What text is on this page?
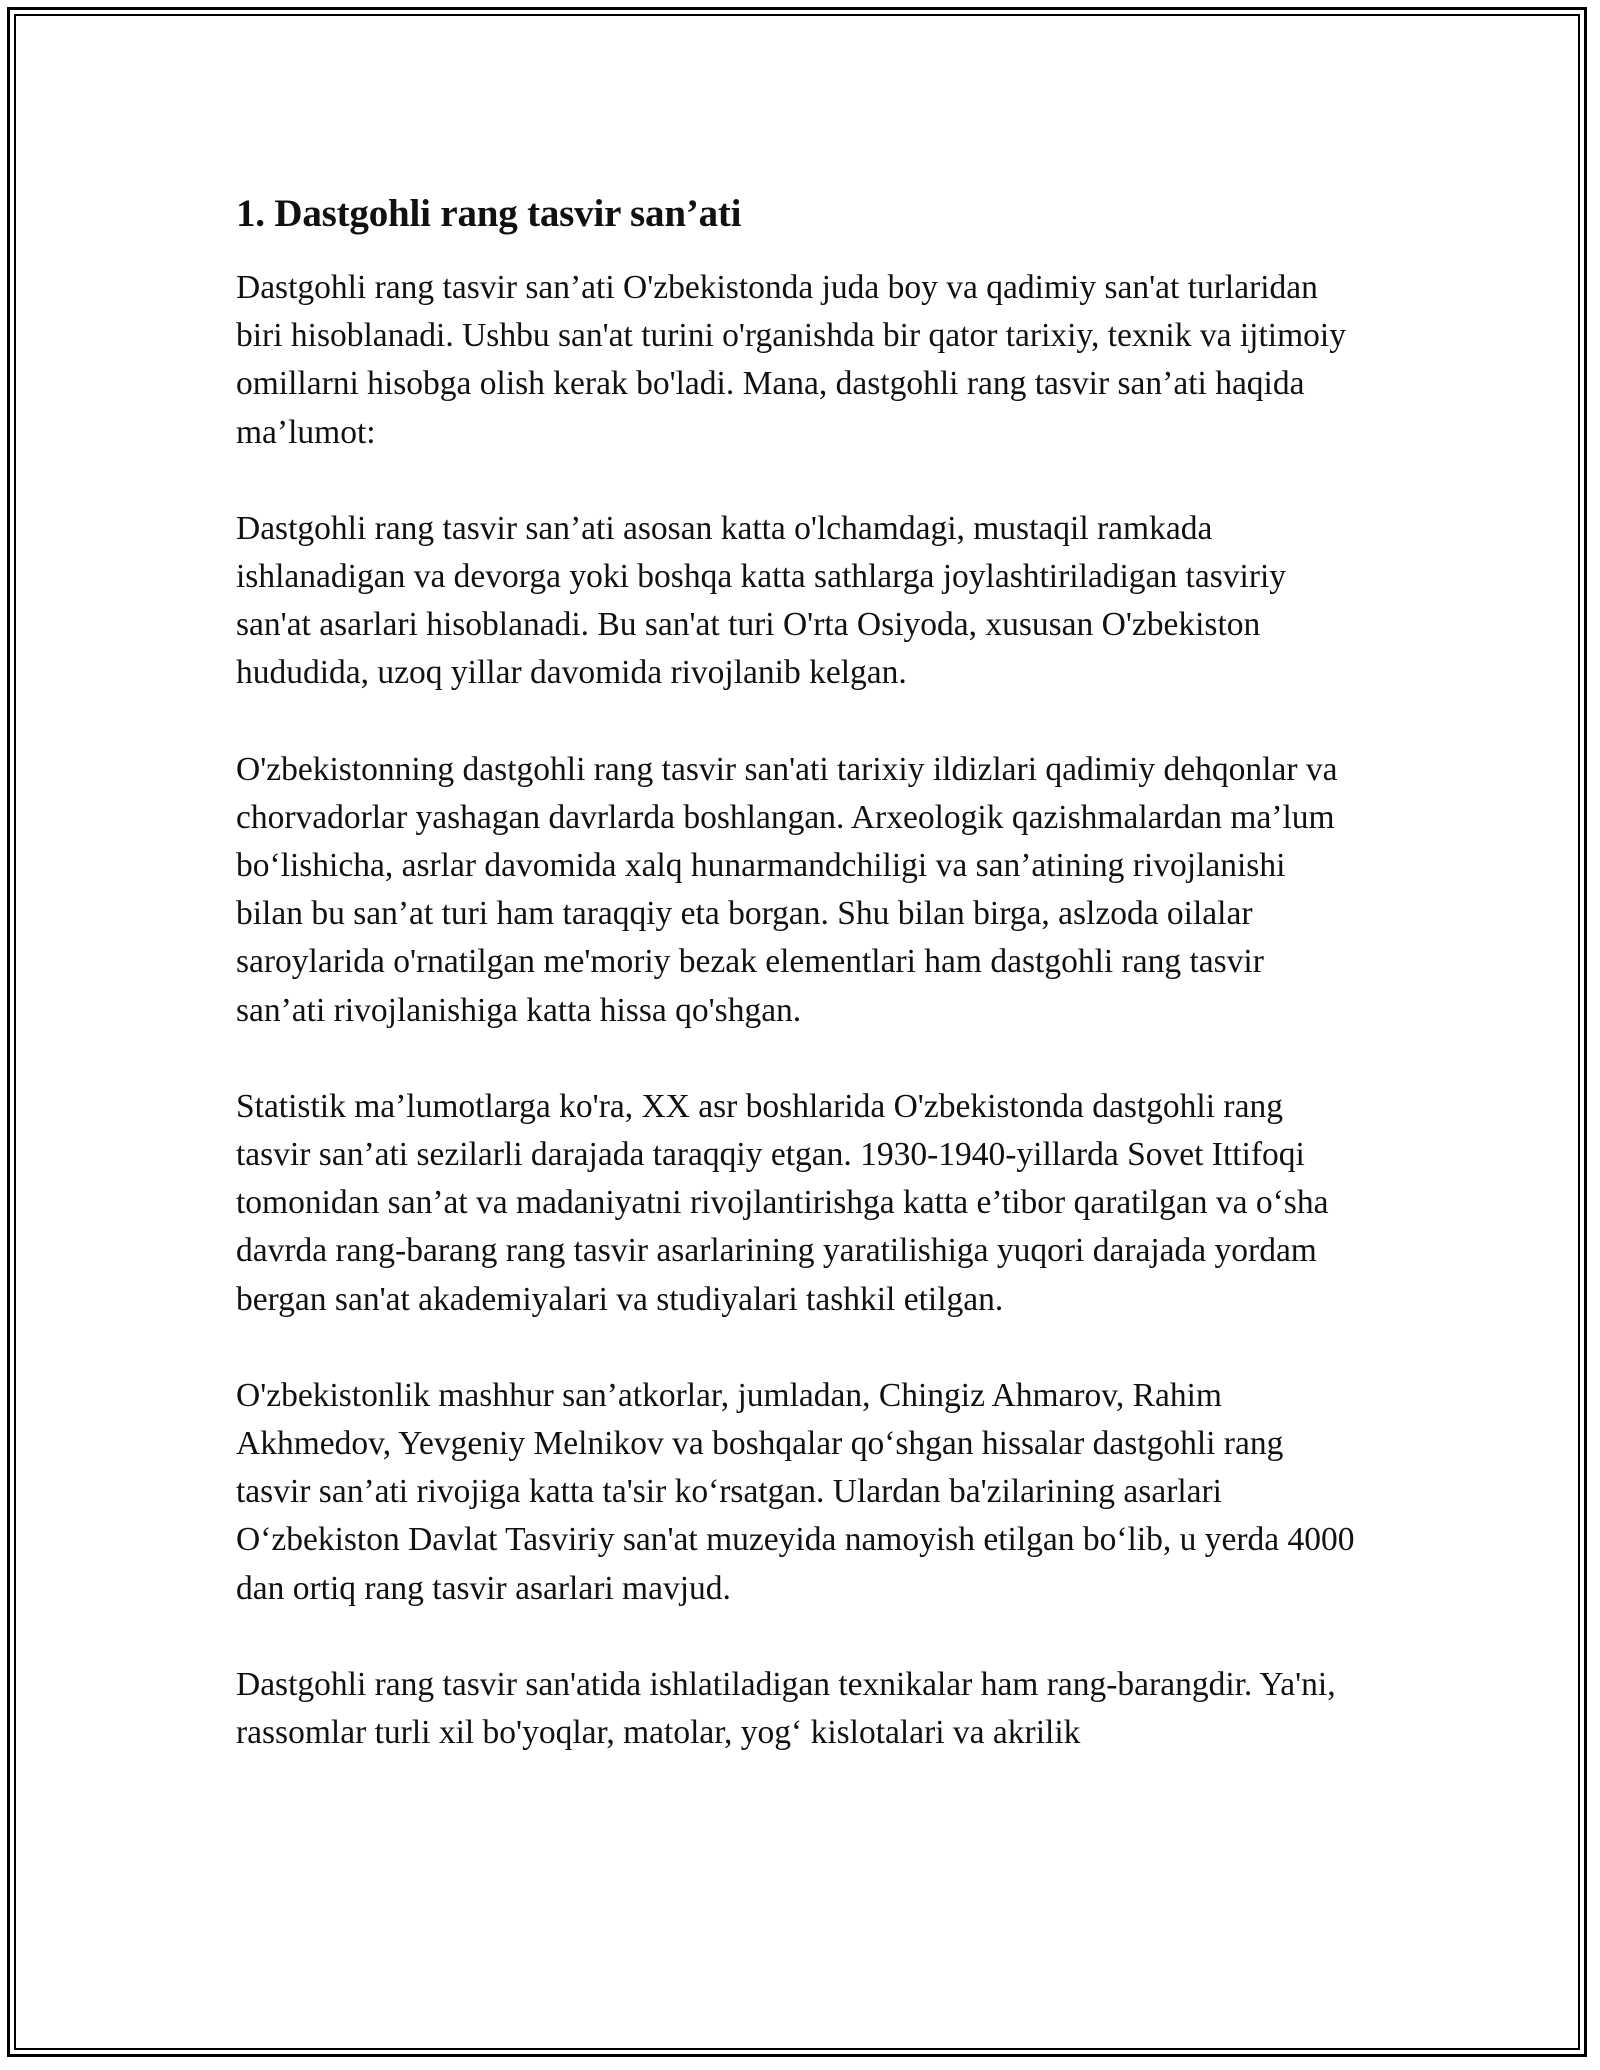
1. Dastgohli rang tasvir san’ati

Dastgohli rang tasvir san’ati O'zbekistonda juda boy va qadimiy san'at turlaridan biri hisoblanadi. Ushbu san'at turini o'rganishda bir qator tarixiy, texnik va ijtimoiy omillarni hisobga olish kerak bo'ladi. Mana, dastgohli rang tasvir san’ati haqida ma’lumot:

Dastgohli rang tasvir san’ati asosan katta o'lchamdagi, mustaqil ramkada ishlanadigan va devorga yoki boshqa katta sathlarga joylashtiriladigan tasviriy san'at asarlari hisoblanadi. Bu san'at turi O'rta Osiyoda, xususan O'zbekiston hududida, uzoq yillar davomida rivojlanib kelgan.

O'zbekistonning dastgohli rang tasvir san'ati tarixiy ildizlari qadimiy dehqonlar va chorvadorlar yashagan davrlarda boshlangan. Arxeologik qazishmalardan ma’lum bo‘lishicha, asrlar davomida xalq hunarmandchiligi va san’atining rivojlanishi bilan bu san’at turi ham taraqqiy eta borgan. Shu bilan birga, aslzoda oilalar saroylarida o'rnatilgan me'moriy bezak elementlari ham dastgohli rang tasvir san’ati rivojlanishiga katta hissa qo'shgan.

Statistik ma’lumotlarga ko'ra, XX asr boshlarida O'zbekistonda dastgohli rang tasvir san’ati sezilarli darajada taraqqiy etgan. 1930-1940-yillarda Sovet Ittifoqi tomonidan san’at va madaniyatni rivojlantirishga katta e’tibor qaratilgan va o‘sha davrda rang-barang rang tasvir asarlarining yaratilishiga yuqori darajada yordam bergan san'at akademiyalari va studiyalari tashkil etilgan.

O'zbekistonlik mashhur san’atkorlar, jumladan, Chingiz Ahmarov, Rahim Akhmedov, Yevgeniy Melnikov va boshqalar qo‘shgan hissalar dastgohli rang tasvir san’ati rivojiga katta ta'sir ko‘rsatgan. Ulardan ba'zilarining asarlari O‘zbekiston Davlat Tasviriy san'at muzeyida namoyish etilgan bo‘lib, u yerda 4000 dan ortiq rang tasvir asarlari mavjud.

Dastgohli rang tasvir san'atida ishlatiladigan texnikalar ham rang-barangdir. Ya'ni, rassomlar turli xil bo'yoqlar, matolar, yog‘ kislotalari va akrilik
